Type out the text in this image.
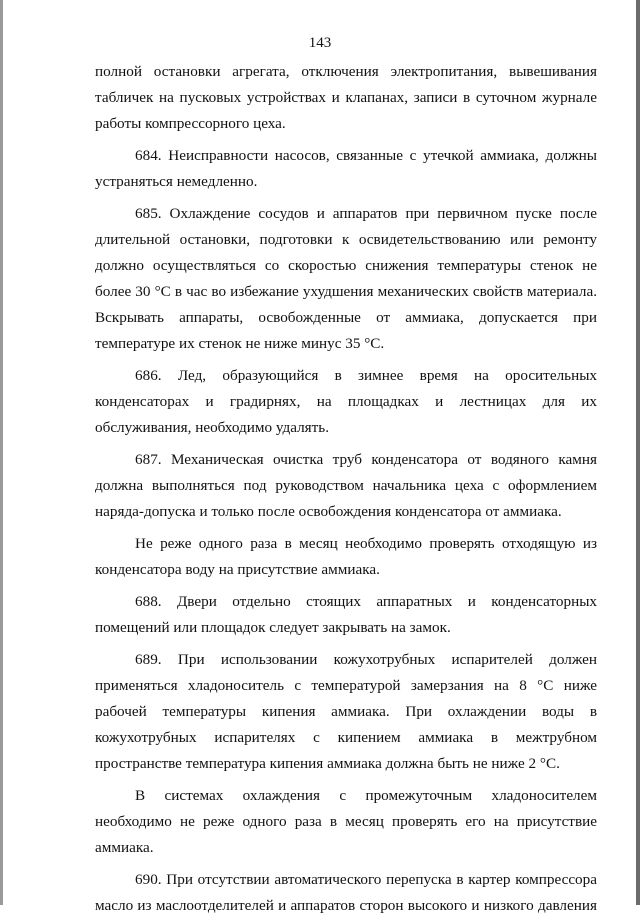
143

полной остановки агрегата, отключения электропитания, вывешивания табличек на пусковых устройствах и клапанах, записи в суточном журнале работы компрессорного цеха.

684. Неисправности насосов, связанные с утечкой аммиака, должны устраняться немедленно.

685. Охлаждение сосудов и аппаратов при первичном пуске после длительной остановки, подготовки к освидетельствованию или ремонту должно осуществляться со скоростью снижения температуры стенок не более 30 °С в час во избежание ухудшения механических свойств материала. Вскрывать аппараты, освобожденные от аммиака, допускается при температуре их стенок не ниже минус 35 °С.

686. Лед, образующийся в зимнее время на оросительных конденсаторах и градирнях, на площадках и лестницах для их обслуживания, необходимо удалять.

687. Механическая очистка труб конденсатора от водяного камня должна выполняться под руководством начальника цеха с оформлением наряда-допуска и только после освобождения конденсатора от аммиака.

Не реже одного раза в месяц необходимо проверять отходящую из конденсатора воду на присутствие аммиака.

688. Двери отдельно стоящих аппаратных и конденсаторных помещений или площадок следует закрывать на замок.

689. При использовании кожухотрубных испарителей должен применяться хладоноситель с температурой замерзания на 8 °С ниже рабочей температуры кипения аммиака. При охлаждении воды в кожухотрубных испарителях с кипением аммиака в межтрубном пространстве температура кипения аммиака должна быть не ниже 2 °С.

В системах охлаждения с промежуточным хладоносителем необходимо не реже одного раза в месяц проверять его на присутствие аммиака.

690. При отсутствии автоматического перепуска в картер компрессора масло из маслоотделителей и аппаратов сторон высокого и низкого давления
